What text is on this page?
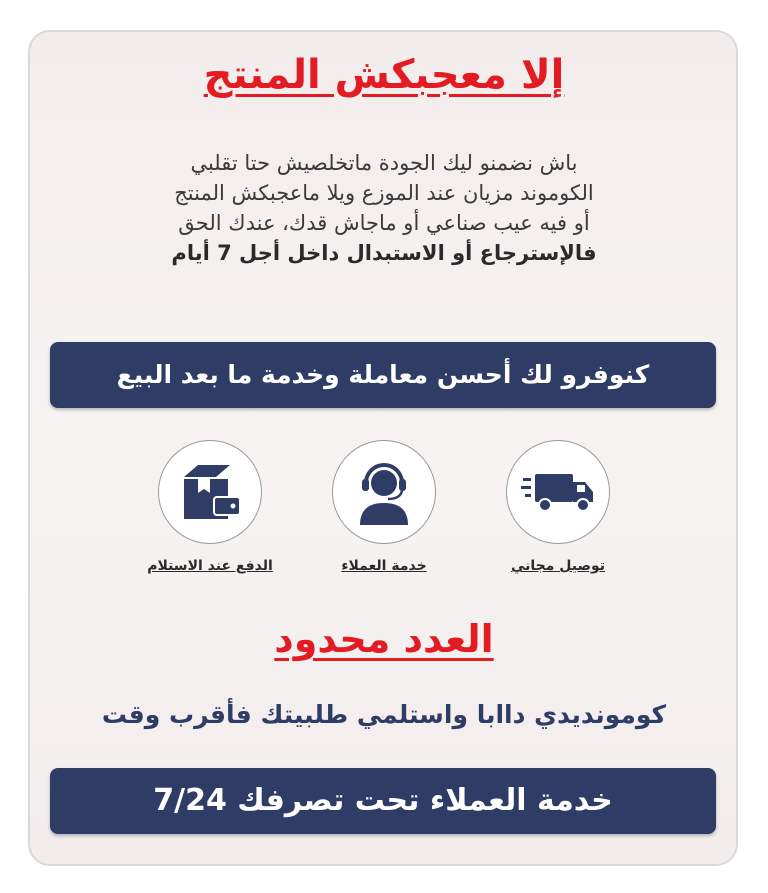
إلا معجبكش المنتج
باش نضمنو ليك الجودة ماتخلصيش حتا تقلبي
الكوموند مزيان عند الموزع ويلا ماعجبكش المنتج
أو فيه عيب صناعي أو ماجاش قدك، عندك الحق
فالإسترجاع أو الاستبدال داخل أجل 7 أيام
كنوفرو لك أحسن معاملة وخدمة ما بعد البيع
الدفع عند الاستلام	خدمة العملاء	توصيل مجاني
العدد محدود
كومونديدي داابا واستلمي طلبيتك فأقرب وقت
خدمة العملاء تحت تصرفك 7/24
